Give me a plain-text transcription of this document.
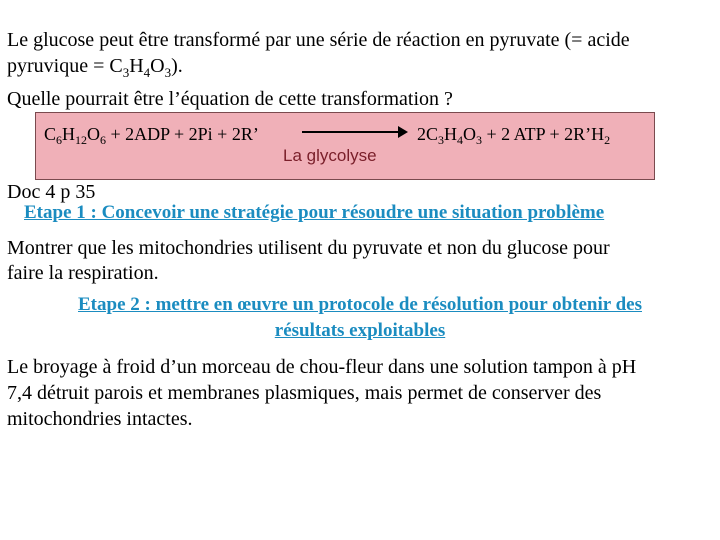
Le glucose peut être transformé par une série de réaction en pyruvate (= acide
pyruvique = $C_3H_4O_3$).
Quelle pourrait être l’équation de cette transformation ?
$C_6H_{12}O_6 + 2ADP + 2Pi + 2R$’	$2C_3H_4O_3 + 2$ ATP + $2R’H_2$
La glycolyse
Doc 4 p 35
Etape 1 : Concevoir une stratégie pour résoudre une situation problème
Montrer que les mitochondries utilisent du pyruvate et non du glucose pour
faire la respiration.
Etape 2 : mettre en œuvre un protocole de résolution pour obtenir des
résultats exploitables
Le broyage à froid d’un morceau de chou-fleur dans une solution tampon à pH
7,4 détruit parois et membranes plasmiques, mais permet de conserver des
mitochondries intactes.
